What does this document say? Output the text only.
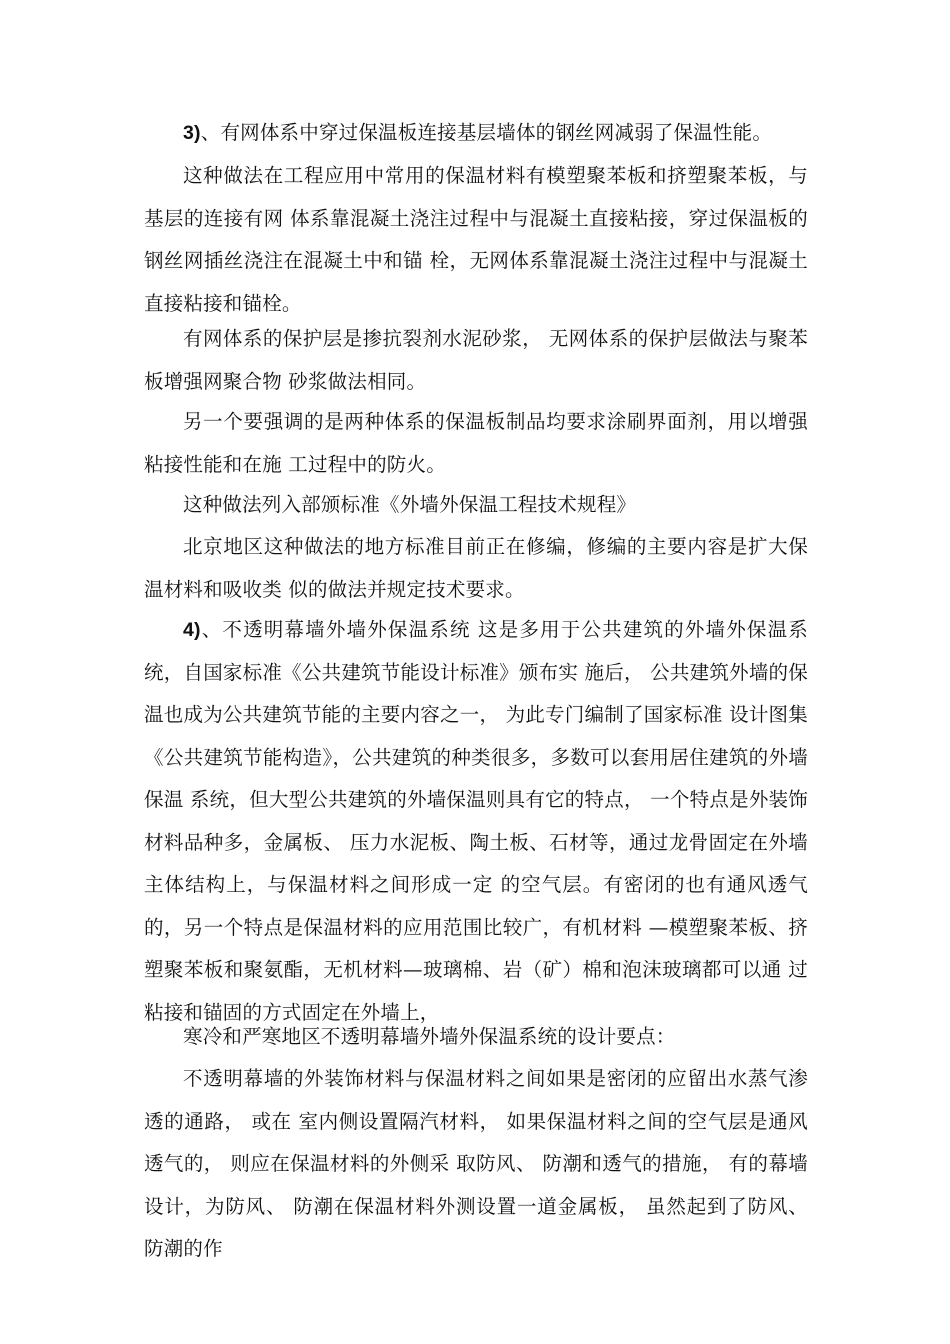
3)、有网体系中穿过保温板连接基层墙体的钢丝网减弱了保温性能。

这种做法在工程应用中常用的保温材料有模塑聚苯板和挤塑聚苯板，与基层的连接有网 体系靠混凝土浇注过程中与混凝土直接粘接，穿过保温板的钢丝网插丝浇注在混凝土中和锚 栓，无网体系靠混凝土浇注过程中与混凝土直接粘接和锚栓。

有网体系的保护层是掺抗裂剂水泥砂浆， 无网体系的保护层做法与聚苯板增强网聚合物 砂浆做法相同。

另一个要强调的是两种体系的保温板制品均要求涂刷界面剂，用以增强粘接性能和在施 工过程中的防火。

这种做法列入部颁标准《外墙外保温工程技术规程》

北京地区这种做法的地方标准目前正在修编，修编的主要内容是扩大保温材料和吸收类 似的做法并规定技术要求。

4)、不透明幕墙外墙外保温系统 这是多用于公共建筑的外墙外保温系统，自国家标准《公共建筑节能设计标准》颁布实 施后， 公共建筑外墙的保温也成为公共建筑节能的主要内容之一， 为此专门编制了国家标准 设计图集《公共建筑节能构造》，公共建筑的种类很多，多数可以套用居住建筑的外墙保温 系统，但大型公共建筑的外墙保温则具有它的特点， 一个特点是外装饰材料品种多，金属板、 压力水泥板、陶土板、石材等，通过龙骨固定在外墙主体结构上，与保温材料之间形成一定 的空气层。有密闭的也有通风透气的，另一个特点是保温材料的应用范围比较广，有机材料 —模塑聚苯板、挤塑聚苯板和聚氨酯，无机材料—玻璃棉、岩（矿）棉和泡沫玻璃都可以通 过粘接和锚固的方式固定在外墙上，

寒冷和严寒地区不透明幕墙外墙外保温系统的设计要点：

不透明幕墙的外装饰材料与保温材料之间如果是密闭的应留出水蒸气渗透的通路， 或在 室内侧设置隔汽材料， 如果保温材料之间的空气层是通风透气的， 则应在保温材料的外侧采 取防风、 防潮和透气的措施， 有的幕墙设计，为防风、 防潮在保温材料外测设置一道金属板， 虽然起到了防风、 防潮的作
